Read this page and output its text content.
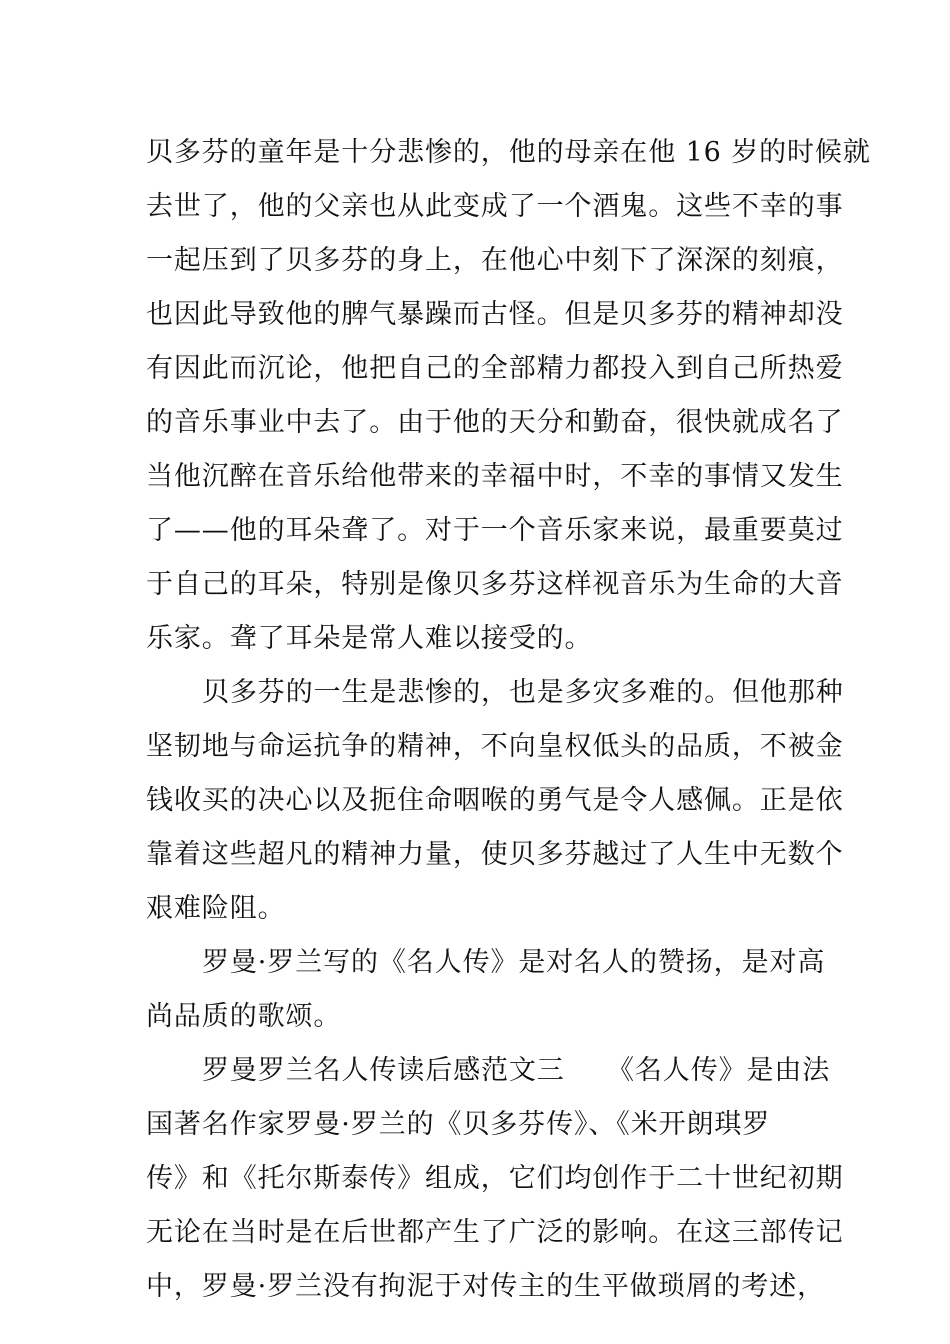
贝多芬的童年是十分悲惨的，他的母亲在他 16 岁的时候就
去世了，他的父亲也从此变成了一个酒鬼。这些不幸的事
一起压到了贝多芬的身上，在他心中刻下了深深的刻痕，
也因此导致他的脾气暴躁而古怪。但是贝多芬的精神却没
有因此而沉论，他把自己的全部精力都投入到自己所热爱
的音乐事业中去了。由于他的天分和勤奋，很快就成名了
当他沉醉在音乐给他带来的幸福中时，不幸的事情又发生
了——他的耳朵聋了。对于一个音乐家来说，最重要莫过
于自己的耳朵，特别是像贝多芬这样视音乐为生命的大音
乐家。聋了耳朵是常人难以接受的。
贝多芬的一生是悲惨的，也是多灾多难的。但他那种
坚韧地与命运抗争的精神，不向皇权低头的品质，不被金
钱收买的决心以及扼住命咽喉的勇气是令人感佩。正是依
靠着这些超凡的精神力量，使贝多芬越过了人生中无数个
艰难险阻。
罗曼·罗兰写的《名人传》是对名人的赞扬，是对高
尚品质的歌颂。
罗曼罗兰名人传读后感范文三　　《名人传》是由法
国著名作家罗曼·罗兰的《贝多芬传》、《米开朗琪罗
传》和《托尔斯泰传》组成，它们均创作于二十世纪初期
无论在当时是在后世都产生了广泛的影响。在这三部传记
中，罗曼·罗兰没有拘泥于对传主的生平做琐屑的考述，
